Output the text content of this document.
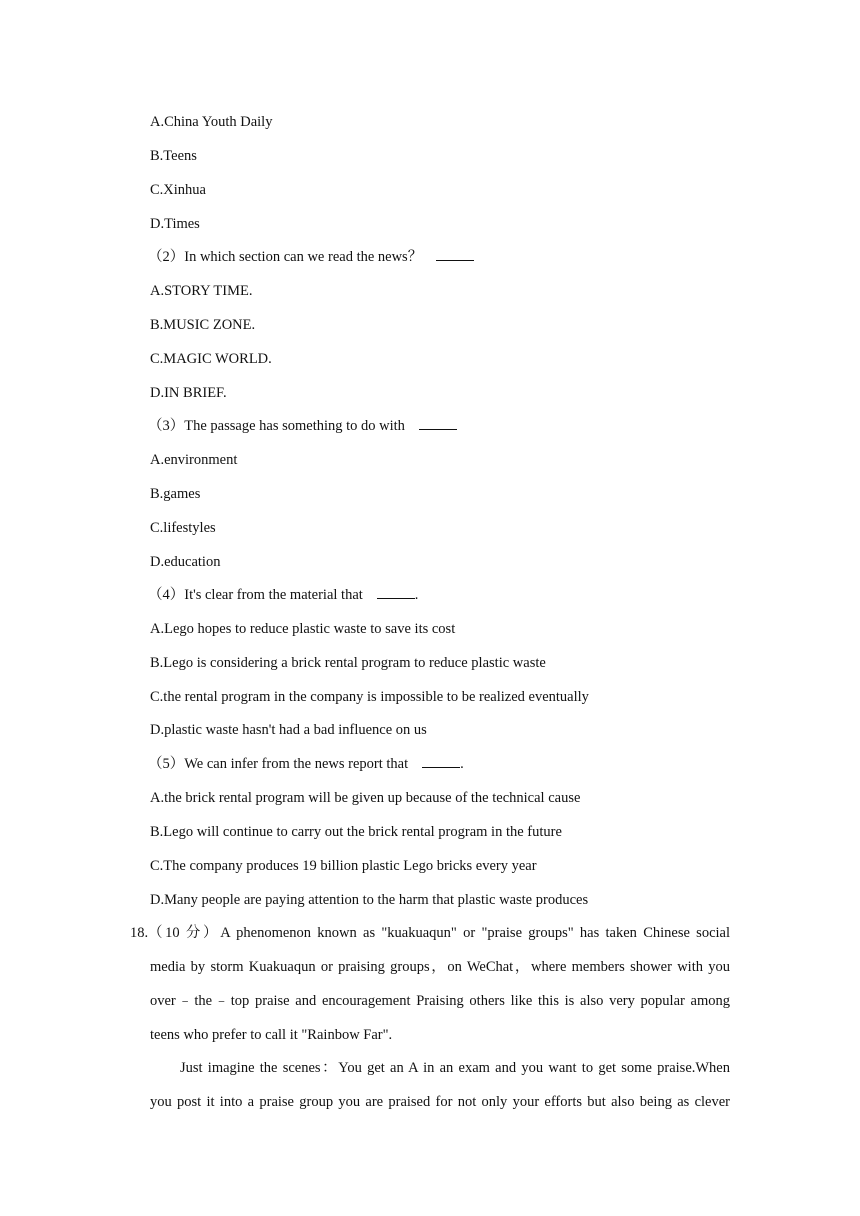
A.China Youth Daily
B.Teens
C.Xinhua
D.Times
（2）In which section can we read the news？
A.STORY TIME.
B.MUSIC ZONE.
C.MAGIC WORLD.
D.IN BRIEF.
（3）The passage has something to do with
A.environment
B.games
C.lifestyles
D.education
（4）It's clear from the material that	.
A.Lego hopes to reduce plastic waste to save its cost
B.Lego is considering a brick rental program to reduce plastic waste
C.the rental program in the company is impossible to be realized eventually
D.plastic waste hasn't had a bad influence on us
（5）We can infer from the news report that	.
A.the brick rental program will be given up because of the technical cause
B.Lego will continue to carry out the brick rental program in the future
C.The company produces 19 billion plastic Lego bricks every year
D.Many people are paying attention to the harm that plastic waste produces
18. （10 分）A phenomenon known as "kuakuaqun" or "praise groups" has taken Chinese social
media by storm Kuakuaqun or praising groups，on WeChat，where members shower with you
over﹣the﹣top praise and encouragement Praising others like this is also very popular among
teens who prefer to call it "Rainbow Far".
Just imagine the scenes：You get an A in an exam and you want to get some praise.When
you post it into a praise group you are praised for not only your efforts but also being as clever
